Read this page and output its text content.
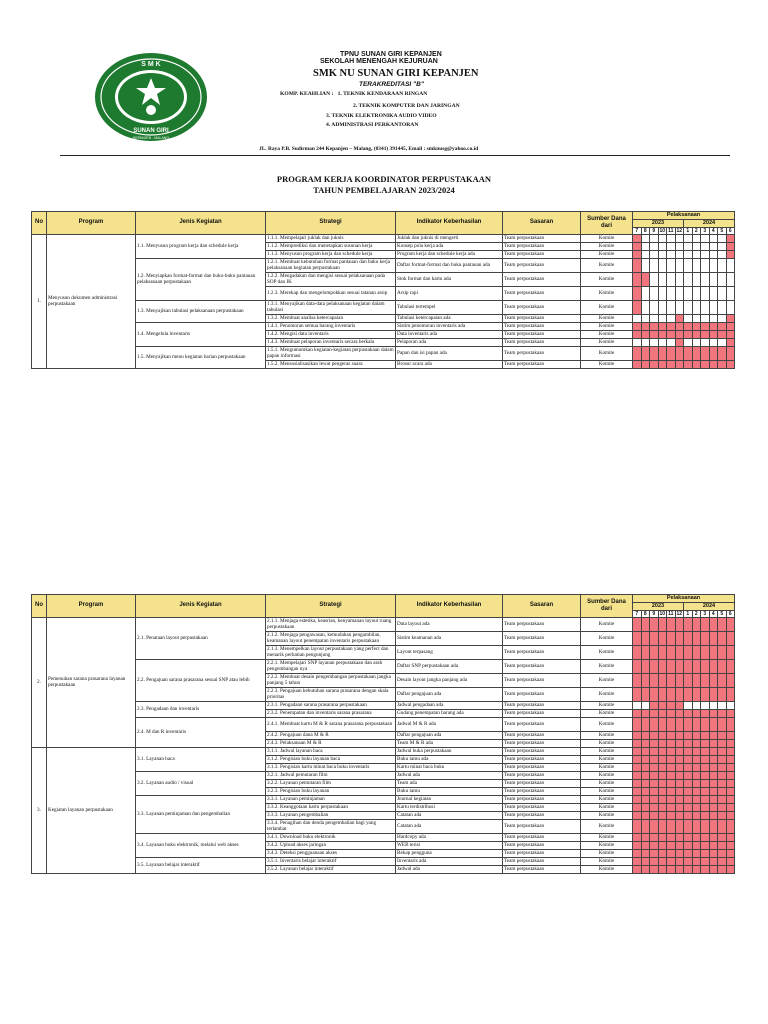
S M K
SUNAN GIRI
KEPANJEN - MALANG
TPNU SUNAN GIRI KEPANJEN
SEKOLAH MENENGAH KEJURUAN
SMK NU SUNAN GIRI KEPANJEN
TERAKREDITASI "B"
KOMP. KEAHLIAN : 1. TEKNIK KENDARAAN RINGAN
2. TEKNIK KOMPUTER DAN JARINGAN
3. TEKNIK ELEKTRONIKA AUDIO VIDEO
4. ADMINISTRASI PERKANTORAN
JL. Raya P.B. Sudirman 244 Kepanjen – Malang, (0341) 391445, Email : smknusg@yahoo.co.id
PROGRAM KERJA KOORDINATOR PERPUSTAKAAN
TAHUN PEMBELAJARAN 2023/2024
No	Program	Jenis Kegiatan	Strategi	Indikator Keberhasilan	Sasaran	Sumber Dana dari	Pelaksanaan											
							2023						2024					
							7	8	9	10	11	12	1	2	3	4	5	6
1.	Menyusun dokumen administrasi perpustakaan	1.1. Menyusun program kerja dan schedule kerja	1.1.1. Mempelajari juklak dan juknis	Juklak dan juknis di mengerti	Team perpustakaan	Komite												
			1.1.2. Memprediksi dan menetapkan susunan kerja	Konsep pola kerja ada	Team perpustakaan	Komite												
			1.1.3. Menyusun program kerja dan schedule kerja	Program kerja dan schedule kerja ada	Team perpustakaan	Komite												
		1.2. Menyiapkan format-format dan buku-buku pantauan pelaksanaan perpustakaan	1.2.1. Membuat kebutuhan format pantauan dan buku kerja pelaksanaan kegiatan perpustakaan	Daftar format-format dan buku pantauan ada	Team perpustakaan	Komite												
			1.2.2. Mengadakan dan mengisi sesuai pelaksanaan pada SOP dan IK	Stok format dan kartu ada	Team perpustakaan	Komite												
			1.2.3. Merekap dan mengelompokkan sesuai tatanan arsip	Arsip rapi	Team perpustakaan	Komite												
		1.3. Menyajikan tabulasi pelaksanaan perpustakaan	1.3.1. Menyajikan data-data pelaksanaan kegiatan dalam tabulasi	Tabulasi tertempel	Team perpustakaan	Komite												
			1.3.2. Membuat analisa ketercapaian	Tabulasi ketercapaian ada	Team perpustakaan	Komite												
		1.4. Mengelola inventaris	1.4.1. Penomoran semua barang inventaris	Sistim penomoran inventaris ada	Team perpustakaan	Komite												
			1.4.2. Mengisi data inventaris	Data inventaris ada	Team perpustakaan	Komite												
			1.4.3. Membuat pelaporan inventaris secara berkala	Pelaporan ada	Team perpustakaan	Komite												
		1.5. Menyajikan menu kegiatan harian perpustakaan	1.5.1. Mengumumkan kegiatan-kegiatan perpustakaan dalam papan informasi	Papan dan isi papan ada	Team perpustakaan	Komite												
			1.5.2. Mensosialisasikan lewat pengeras suara	Brosur acara ada	Team perpustakaan	Komite												
No	Program	Jenis Kegiatan	Strategi	Indikator Keberhasilan	Sasaran	Sumber Dana dari	Pelaksanaan											
							2023						2024					
							7	8	9	10	11	12	1	2	3	4	5	6
2.	Pemenuhan sarana prasarana layanan perpustakaan	2.1. Penataan layout perpustakaan	2.1.1. Menjaga estetika, keasrian, kenyamanan layout ruang perpustakaan	Data layout ada	Team perpustakaan	Komite												
			2.1.2. Menjaga pengawasan, kemudahan pengambilan, keamanan layout penempatan inventaris perpustakaan	Sistim keamanan ada	Team perpustakaan	Komite												
			2.1.3. Menempelkan layout perpustakaan yang perfect dan menarik perhatian pengunjung	Layout terpasang	Team perpustakaan	Komite												
		2.2. Pengajuan sarana prasarana sesuai SNP atau lebih	2.2.1. Mempelajari SNP layanan perpustakaan dan arah pengembangan nya	Daftar SNP perpustakaan ada	Team perpustakaan	Komite												
			2.2.2. Membuat desain pengembangan perpustakaan jangka panjang 5 tahun	Desain layout jangka panjang ada	Team perpustakaan	Komite												
			2.2.3. Pengajuan kebutuhan sarana prasarana dengan skala prioritas	Daftar pengajuan ada	Team perpustakaan	Komite												
		2.3. Pengadaan dan inventaris	2.3.1. Pengadaan sarana prasarana perpustakaan	Jadwal pengadaan ada	Team perpustakaan	Komite												
			2.3.2. Penempatan dan inventaris sarana prasarana	Gudang penempatan barang ada	Team perpustakaan	Komite												
		2.4. M dan R inventaris	2.4.1. Membuat kartu M & R sarana prasarana perpustakaan	Jadwal M & R ada	Team perpustakaan	Komite												
			2.4.2. Pengajuan dana M & R	Daftar pengajuan ada	Team perpustakaan	Komite												
			2.4.3. Pelaksanaan M & R	Team M & R ada	Team perpustakaan	Komite												
3.	Kegiatan layanan perpustakaan	3.1. Layanan baca	3.1.1. Jadwal layanan baca	Jadwal buka perpustakaan	Team perpustakaan	Komite												
			3.1.2. Pengisian buku layanan baca	Buku tamu ada	Team perpustakaan	Komite												
			3.1.3. Pengisian kartu minat baca buku inventaris	Kartu minat baca buku	Team perpustakaan	Komite												
		3.2. Layanan audio / visual	3.2.1. Jadwal pemutaran film	Jadwal ada	Team perpustakaan	Komite												
			3.2.2. Layanan pemutaran film	Team ada	Team perpustakaan	Komite												
			3.2.3. Pengisian buku layanan	Buku tamu	Team perpustakaan	Komite												
		3.3. Layanan peminjaman dan pengembalian	3.3.1. Layanan peminjaman	Journal kegiatan	Team perpustakaan	Komite												
			3.3.2. Keanggotaan kartu perpustakaan	Kartu terdistribusi	Team perpustakaan	Komite												
			3.3.3. Layanan pengembalian	Catatan ada	Team perpustakaan	Komite												
			3.3.4. Penagihan dan denda pengembalian bagi yang terlambat	Catatan ada	Team perpustakaan	Komite												
		3.4. Layanan buku elektronik, melalui web akses	3.4.1. Download buku elektronik	Hardcopy ada	Team perpustakaan	Komite												
			3.4.2. Upload akses jaringan	WEB terisi	Team perpustakaan	Komite												
			3.4.3. Deteksi pengguanaan akses	Rekap pengguna	Team perpustakaan	Komite												
		3.5. Layanan belajar interaktif	3.5.1. Inventaris belajar interaktif	Inventaris ada	Team perpustakaan	Komite												
			3.5.2. Layanan belajar interaktif	Jadwal ada	Team perpustakaan	Komite												
